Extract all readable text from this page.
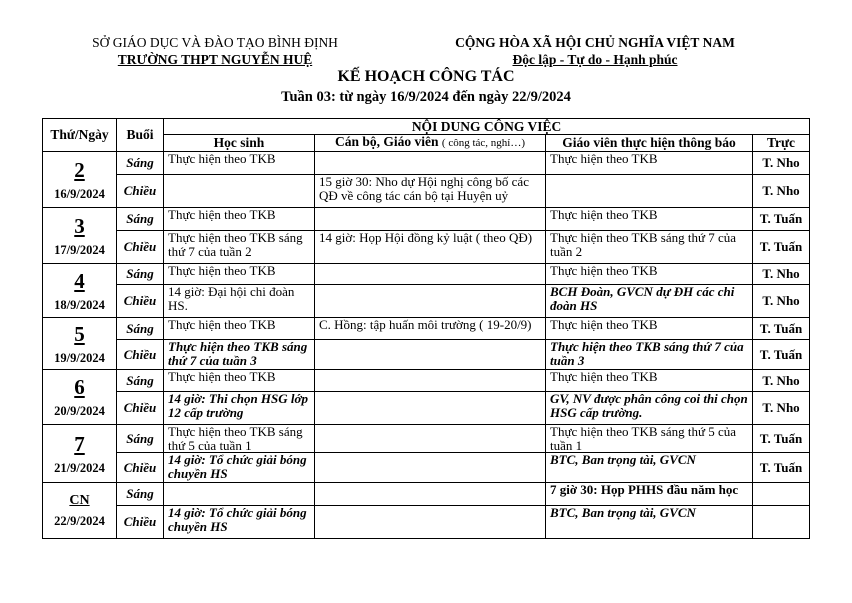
SỞ GIÁO DỤC VÀ ĐÀO TẠO BÌNH ĐỊNH
TRƯỜNG THPT NGUYỄN HUỆ
CỘNG HÒA XÃ HỘI CHỦ NGHĨA VIỆT NAM
Độc lập - Tự do - Hạnh phúc
KẾ HOẠCH CÔNG TÁC
Tuần 03: từ ngày 16/9/2024 đến ngày 22/9/2024
Thứ/Ngày	Buổi	NỘI DUNG CÔNG VIỆC			
		Học sinh	Cán bộ, Giáo viên ( công tác, nghỉ…)	Giáo viên thực hiện thông báo	Trực

2
16/9/2024	Sáng	Thực hiện theo TKB		Thực hiện theo TKB	T. Nho
	Chiều		15 giờ 30: Nho dự Hội nghị công bố các QĐ về công tác cán bộ tại Huyện uỷ		T. Nho

3
17/9/2024	Sáng	Thực hiện theo TKB		Thực hiện theo TKB	T. Tuấn
	Chiều	Thực hiện theo TKB sáng thứ 7 của tuần 2	14 giờ: Họp Hội đồng kỷ luật ( theo QĐ)	Thực hiện theo TKB sáng thứ 7 của tuần 2	T. Tuấn

4
18/9/2024	Sáng	Thực hiện theo TKB		Thực hiện theo TKB	T. Nho
	Chiều	14 giờ: Đại hội chi đoàn HS.		BCH Đoàn, GVCN dự ĐH các chi đoàn HS	T. Nho

5
19/9/2024	Sáng	Thực hiện theo TKB	C. Hồng: tập huấn môi trường ( 19-20/9)	Thực hiện theo TKB	T. Tuấn
	Chiều	Thực hiện theo TKB sáng thứ 7 của tuần 3		Thực hiện theo TKB sáng thứ 7 của tuần 3	T. Tuấn

6
20/9/2024	Sáng	Thực hiện theo TKB		Thực hiện theo TKB	T. Nho
	Chiều	14 giờ: Thi chọn HSG lớp 12 cấp trường		GV, NV được phân công coi thi chọn HSG cấp trường.	T. Nho

7
21/9/2024	Sáng	Thực hiện theo TKB sáng thứ 5 của tuần 1		Thực hiện theo TKB sáng thứ 5 của tuần 1	T. Tuấn
	Chiều	14 giờ: Tổ chức giải bóng chuyền HS		BTC, Ban trọng tài, GVCN	T. Tuấn

CN
22/9/2024	Sáng			7 giờ 30: Họp PHHS đầu năm học	
	Chiều	14 giờ: Tổ chức giải bóng chuyền HS		BTC, Ban trọng tài, GVCN	
